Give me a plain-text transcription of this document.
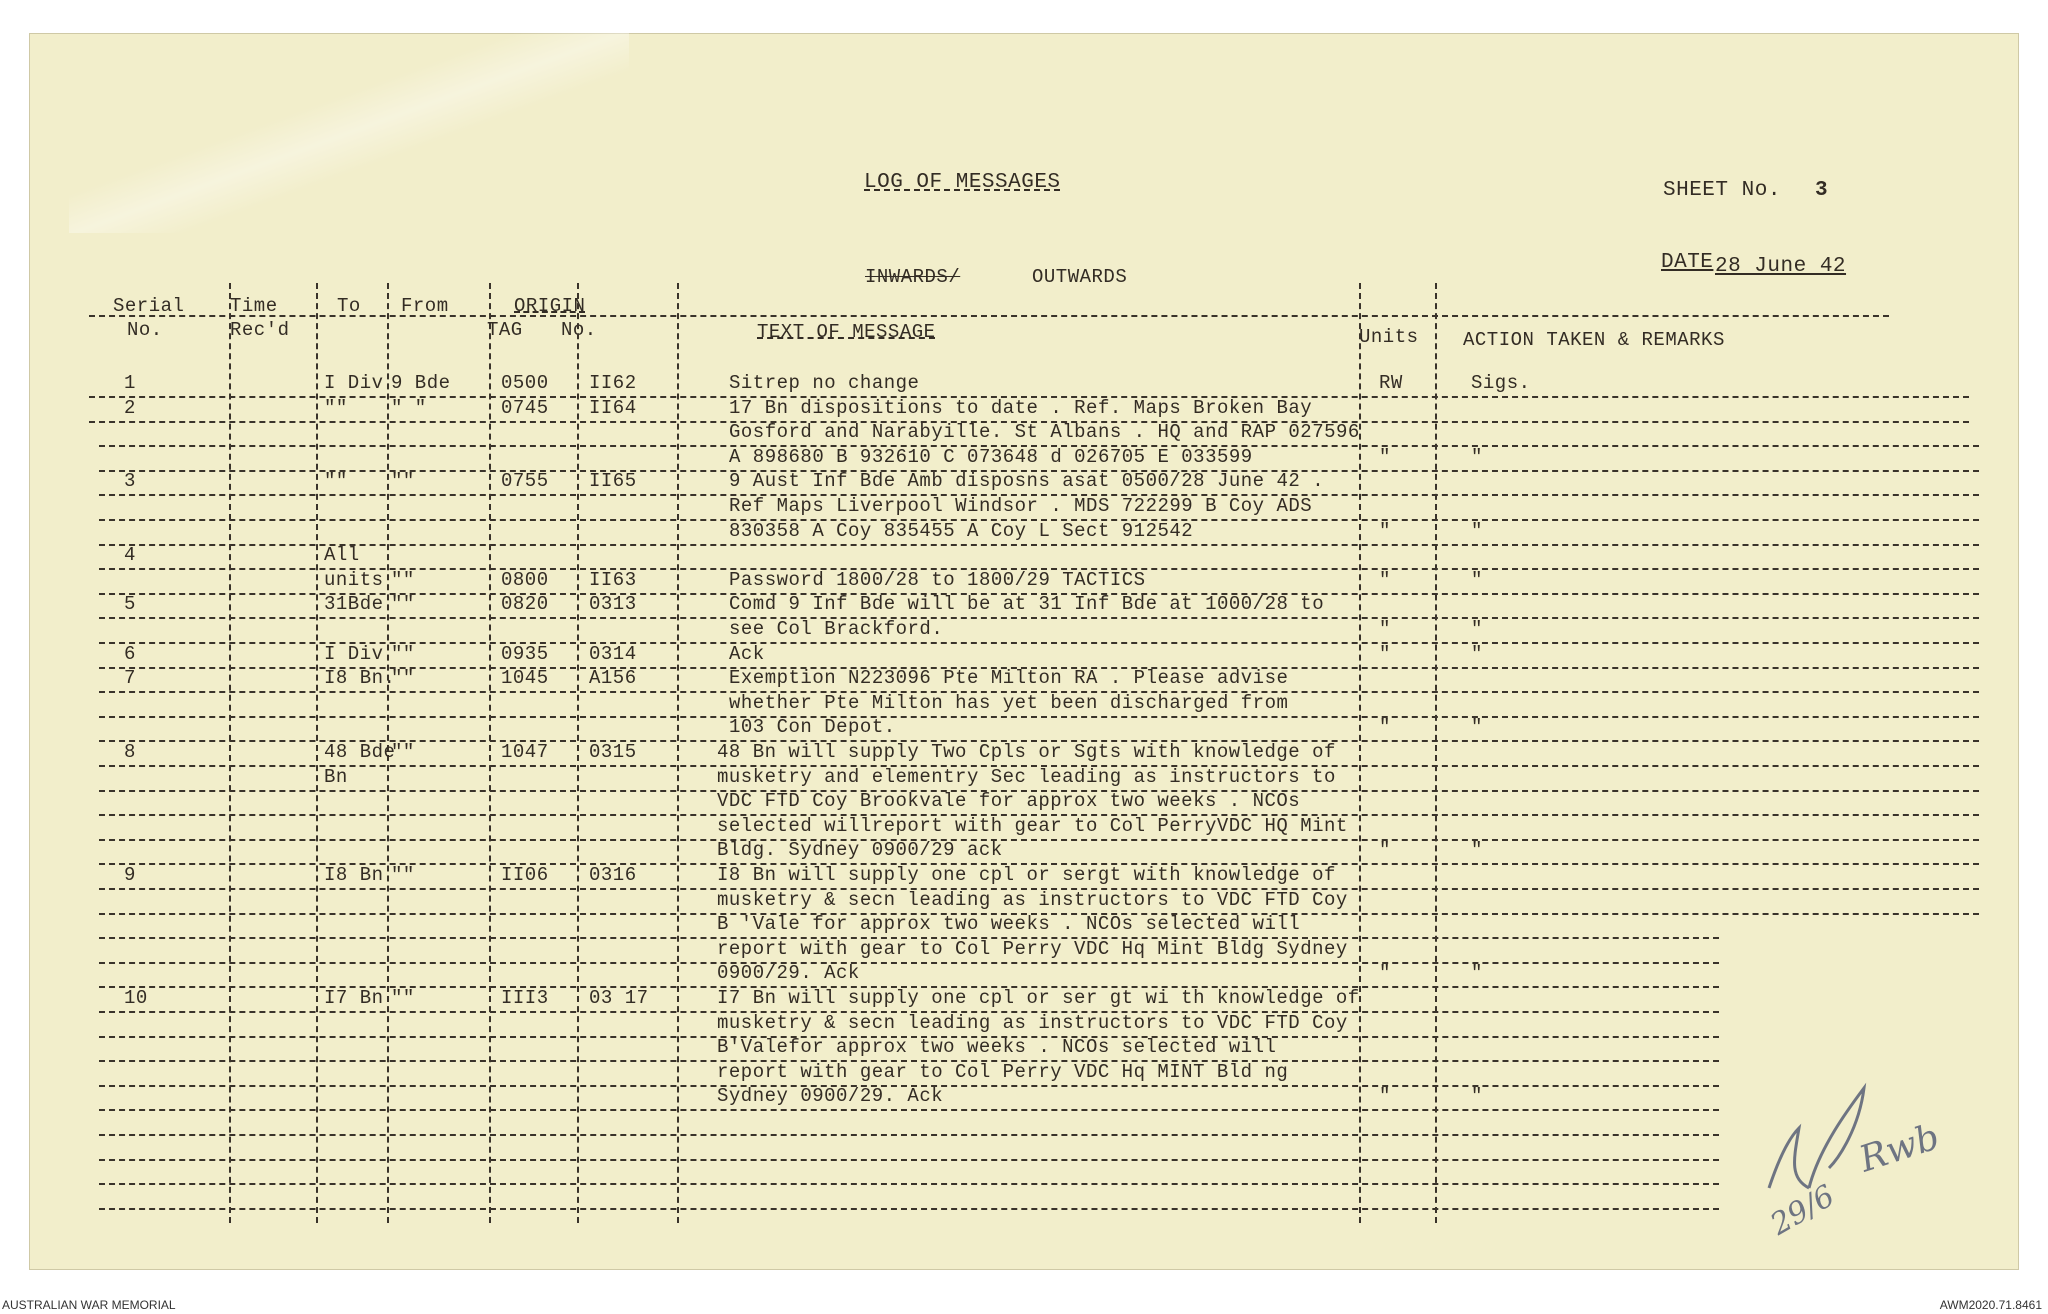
LOG OF MESSAGES	SHEET No. 3
INWARDS/	OUTWARDS
DATE 28 June 42
Serial
No.
Time
Rec'd
To From	ORIGIN
TAG No.	TEXT OF MESSAGE	Units ACTION TAKEN & REMARKS
1	I Div 9 Bde	0500 II62	Sitrep no change	RW	Sigs.
2	"" " "	0745 II64	17 Bn dispositions to date . Ref. Maps Broken Bay
Gosford and Narabyille. St Albans . HQ and RAP 027596
A 898680 B 932610 C 073648 d 026705 E 033599	"	"
3	"" ""	0755 II65	9 Aust Inf Bde Amb disposns asat 0500/28 June 42 .
Ref Maps Liverpool Windsor . MDS 722299 B Coy ADS
830358 A Coy 835455 A Coy L Sect 912542	"	"
4	All
units ""	0800 II63	Password 1800/28 to 1800/29 TACTICS	"	"
5	31Bde ""	0820 0313	Comd 9 Inf Bde will be at 31 Inf Bde at 1000/28 to
see Col Brackford.	"	"
6	I Div ""	0935 0314	Ack	"	"
7	I8 Bn.
""	1045 A156	Exemption N223096 Pte Milton RA . Please advise
whether Pte Milton has yet been discharged from
103 Con Depot.	"	"
8	48 Bde
""	1047 0315	48 Bn will supply Two Cpls or Sgts with knowledge of
Bn	musketry and elementry Sec leading as instructors to
VDC FTD Coy Brookvale for approx two weeks . NCOs
selected willreport with gear to Col PerryVDC HQ Mint
Bldg. Sydney 0900/29 ack	"	"
9	I8 Bn ""	II06 0316	I8 Bn will supply one cpl or sergt with knowledge of
musketry & secn leading as instructors to VDC FTD Coy
B 'Vale for approx two weeks . NCOs selected will
report with gear to Col Perry VDC Hq Mint Bldg Sydney
0900/29. Ack	"	"
10	I7 Bn ""	III3 03 17	I7 Bn will supply one cpl or ser gt wi th knowledge of
musketry & secn leading as instructors to VDC FTD Coy
B'Valefor approx two weeks . NCOs selected will
report with gear to Col Perry VDC Hq MINT Bld ng
Sydney 0900/29. Ack	"	"
Rwb
29/6
AUSTRALIAN WAR MEMORIAL	AWM2020.71.8461
